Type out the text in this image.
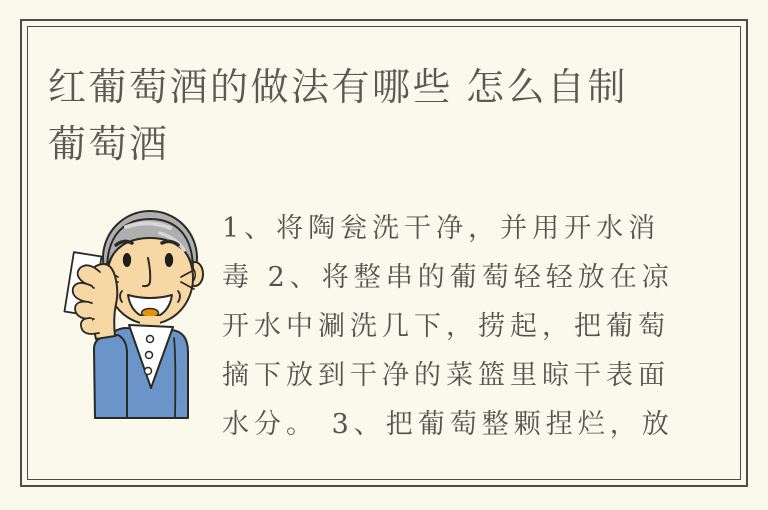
红葡萄酒的做法有哪些 怎么自制葡萄酒
1、将陶瓮洗干净，并用开水消
毒 2、将整串的葡萄轻轻放在凉
开水中涮洗几下，捞起，把葡萄
摘下放到干净的菜篮里晾干表面
水分。 3、把葡萄整颗捏烂，放
